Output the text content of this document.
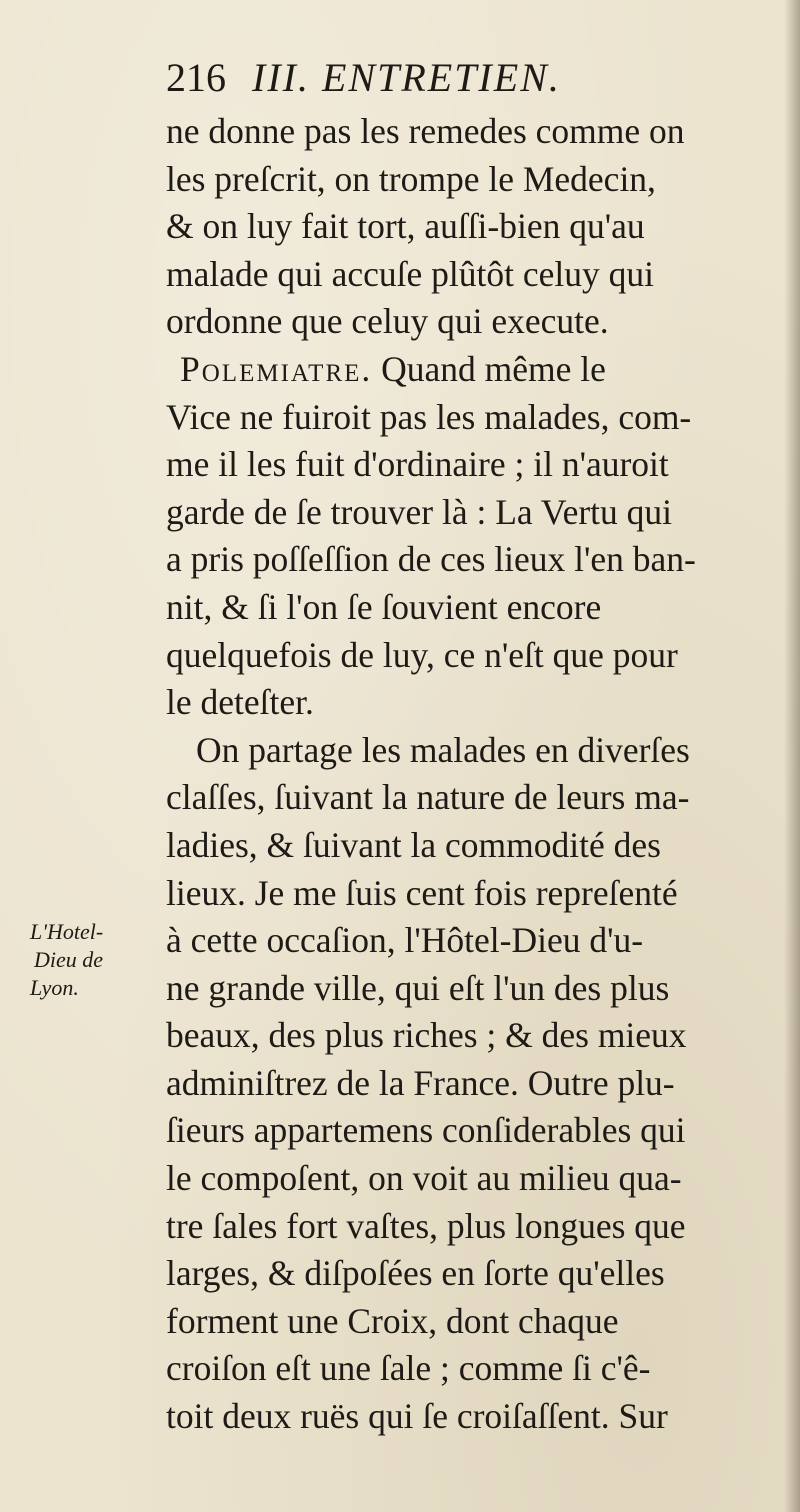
216 III. ENTRETIEN.
ne donne pas les remedes comme on
les preſcrit, on trompe le Medecin,
& on luy fait tort, auſſi-bien qu'au
malade qui accuſe plûtôt celuy qui
ordonne que celuy qui execute.
Polemiatre. Quand même le
Vice ne fuiroit pas les malades, com-
me il les fuit d'ordinaire ; il n'auroit
garde de ſe trouver là : La Vertu qui
a pris poſſeſſion de ces lieux l'en ban-
nit, & ſi l'on ſe ſouvient encore
quelquefois de luy, ce n'eſt que pour
le deteſter.
On partage les malades en diverſes
claſſes, ſuivant la nature de leurs ma-
ladies, & ſuivant la commodité des
lieux. Je me ſuis cent fois repreſenté
à cette occaſion, l'Hôtel-Dieu d'u-
ne grande ville, qui eſt l'un des plus
beaux, des plus riches ; & des mieux
adminiſtrez de la France. Outre plu-
ſieurs appartemens conſiderables qui
le compoſent, on voit au milieu qua-
tre ſales fort vaſtes, plus longues que
larges, & diſpoſées en ſorte qu'elles
forment une Croix, dont chaque
croiſon eſt une ſale ; comme ſi c'ê-
toit deux ruës qui ſe croiſaſſent. Sur
L'Hotel-
Dieu de
Lyon.
